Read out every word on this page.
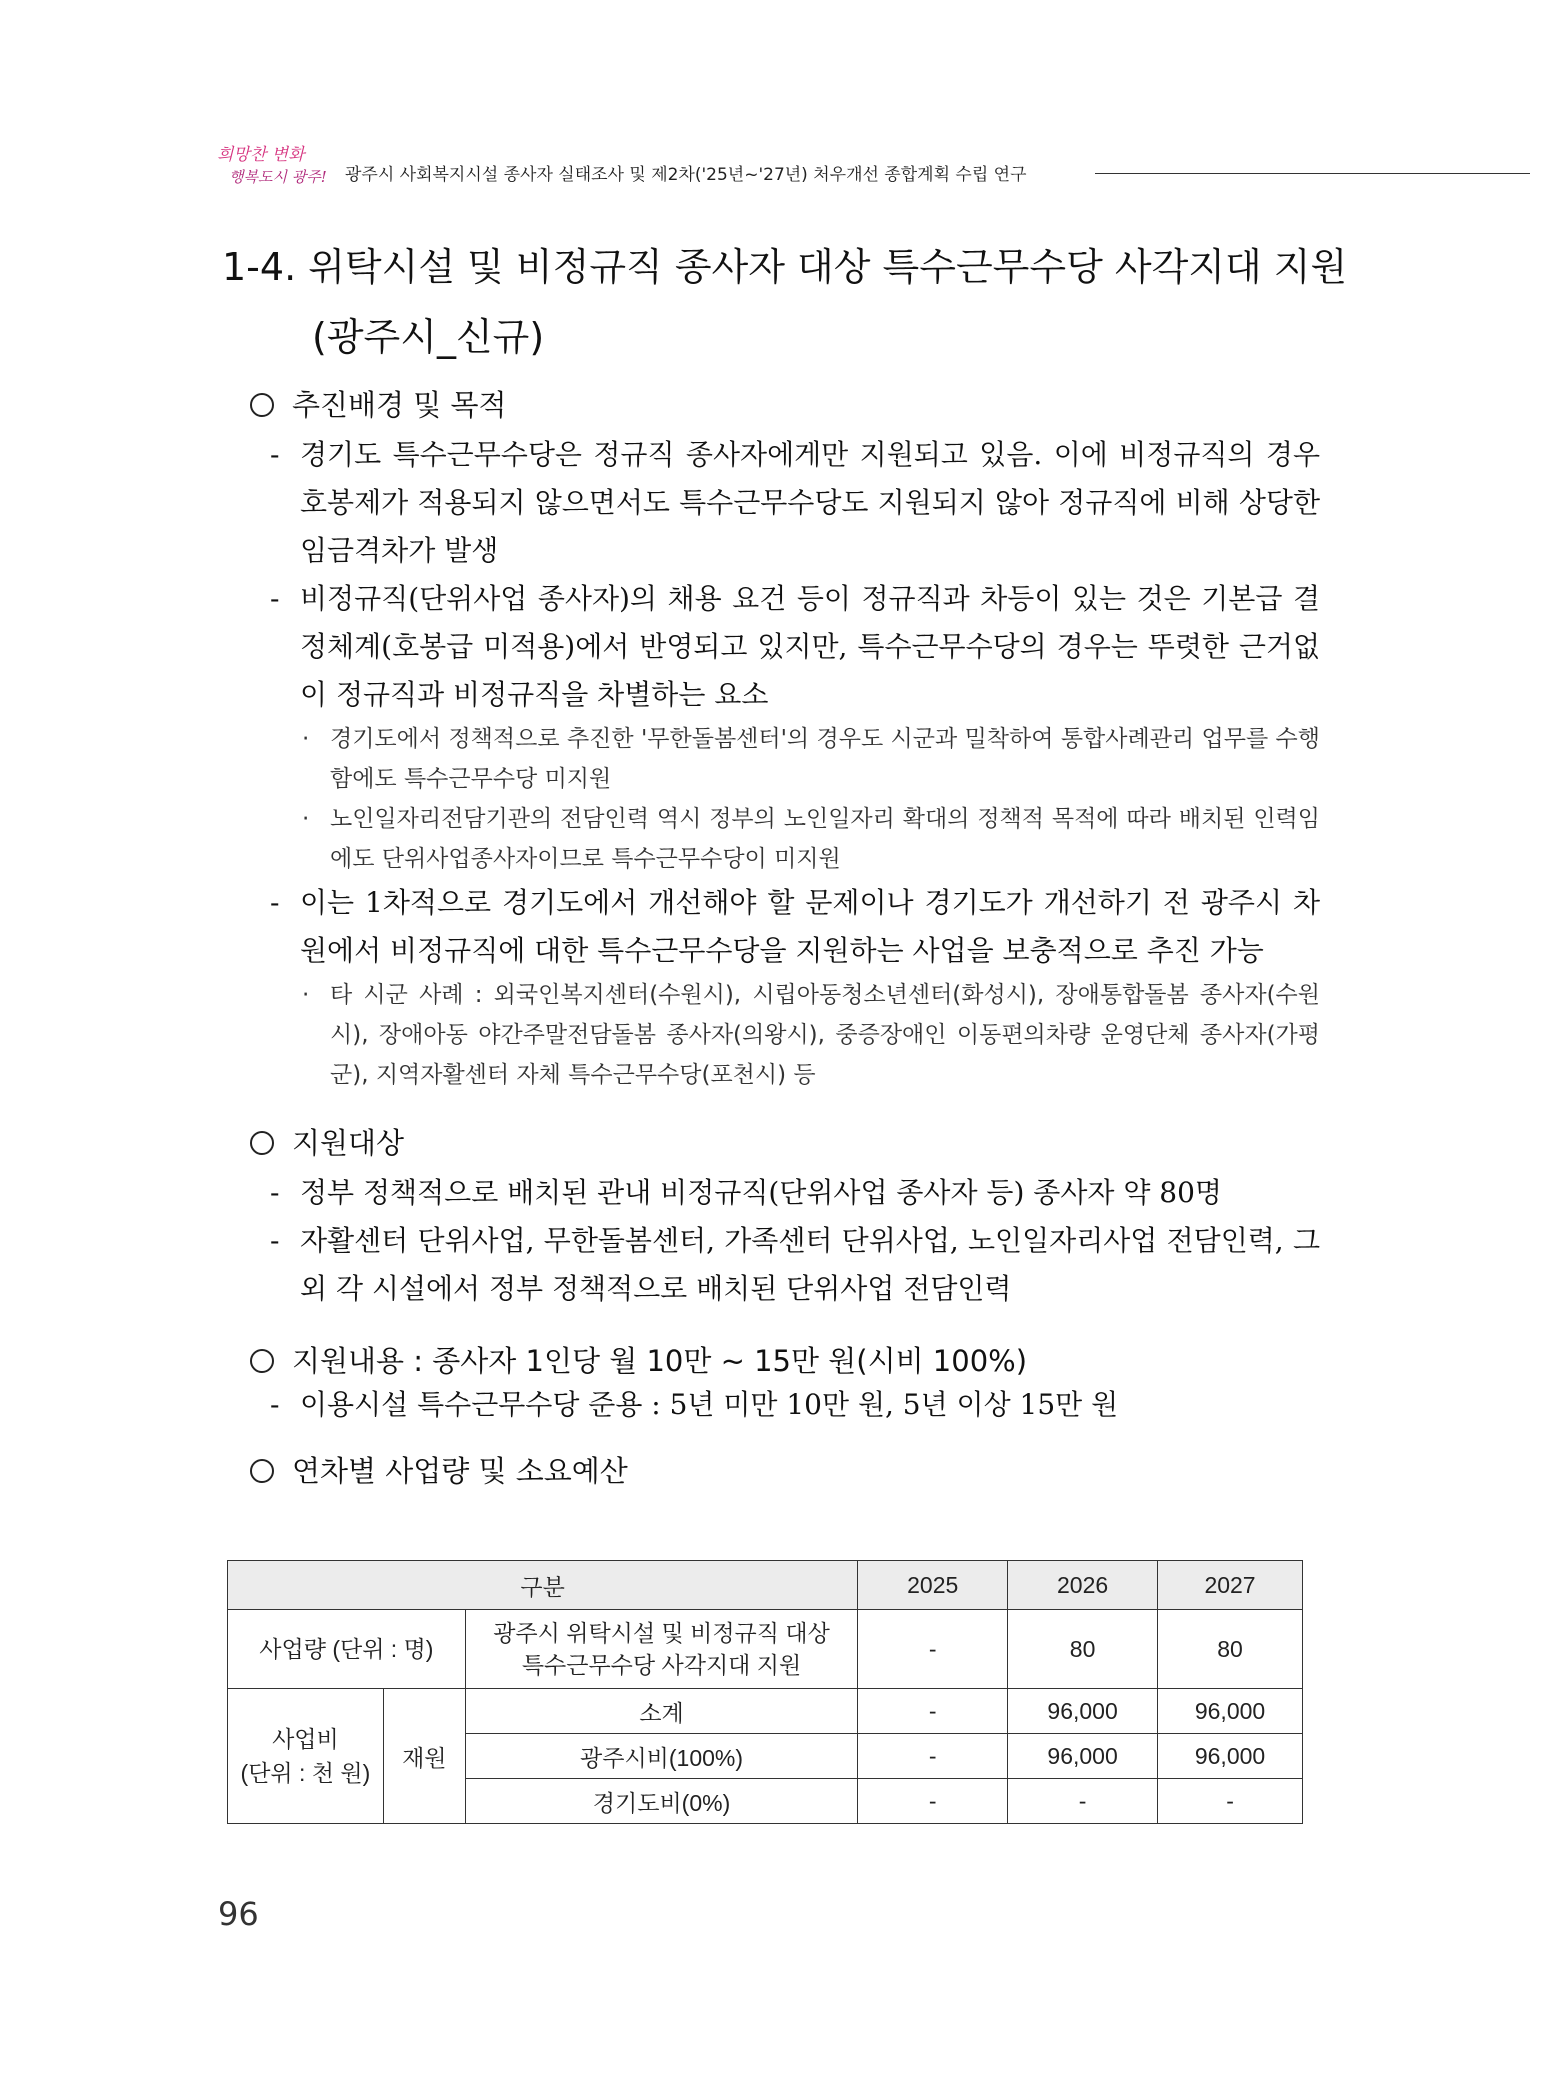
희망찬 변화
행복도시 광주! 광주시 사회복지시설 종사자 실태조사 및 제2차('25년~'27년) 처우개선 종합계획 수립 연구
1-4. 위탁시설 및 비정규직 종사자 대상 특수근무수당 사각지대 지원
(광주시_신규)
추진배경 및 목적
- 경기도 특수근무수당은 정규직 종사자에게만 지원되고 있음. 이에 비정규직의 경우 호봉제가 적용되지 않으면서도 특수근무수당도 지원되지 않아 정규직에 비해 상당한 임금격차가 발생
- 비정규직(단위사업 종사자)의 채용 요건 등이 정규직과 차등이 있는 것은 기본급 결정체계(호봉급 미적용)에서 반영되고 있지만, 특수근무수당의 경우는 뚜렷한 근거없이 정규직과 비정규직을 차별하는 요소
· 경기도에서 정책적으로 추진한 '무한돌봄센터'의 경우도 시군과 밀착하여 통합사례관리 업무를 수행함에도 특수근무수당 미지원
· 노인일자리전담기관의 전담인력 역시 정부의 노인일자리 확대의 정책적 목적에 따라 배치된 인력임에도 단위사업종사자이므로 특수근무수당이 미지원
- 이는 1차적으로 경기도에서 개선해야 할 문제이나 경기도가 개선하기 전 광주시 차원에서 비정규직에 대한 특수근무수당을 지원하는 사업을 보충적으로 추진 가능
· 타 시군 사례 : 외국인복지센터(수원시), 시립아동청소년센터(화성시), 장애통합돌봄 종사자(수원시), 장애아동 야간주말전담돌봄 종사자(의왕시), 중증장애인 이동편의차량 운영단체 종사자(가평군), 지역자활센터 자체 특수근무수당(포천시) 등
지원대상
- 정부 정책적으로 배치된 관내 비정규직(단위사업 종사자 등) 종사자 약 80명
- 자활센터 단위사업, 무한돌봄센터, 가족센터 단위사업, 노인일자리사업 전담인력, 그 외 각 시설에서 정부 정책적으로 배치된 단위사업 전담인력
지원내용 : 종사자 1인당 월 10만 ~ 15만 원(시비 100%)
- 이용시설 특수근무수당 준용 : 5년 미만 10만 원, 5년 이상 15만 원
연차별 사업량 및 소요예산
구분			2025	2026	2027
사업량 (단위 : 명)		광주시 위탁시설 및 비정규직 대상
특수근무수당 사각지대 지원	-	80	80
사업비
(단위 : 천 원)	재원	소계	-	96,000	96,000
		광주시비(100%)	-	96,000	96,000
		경기도비(0%)	-	-	-
96
